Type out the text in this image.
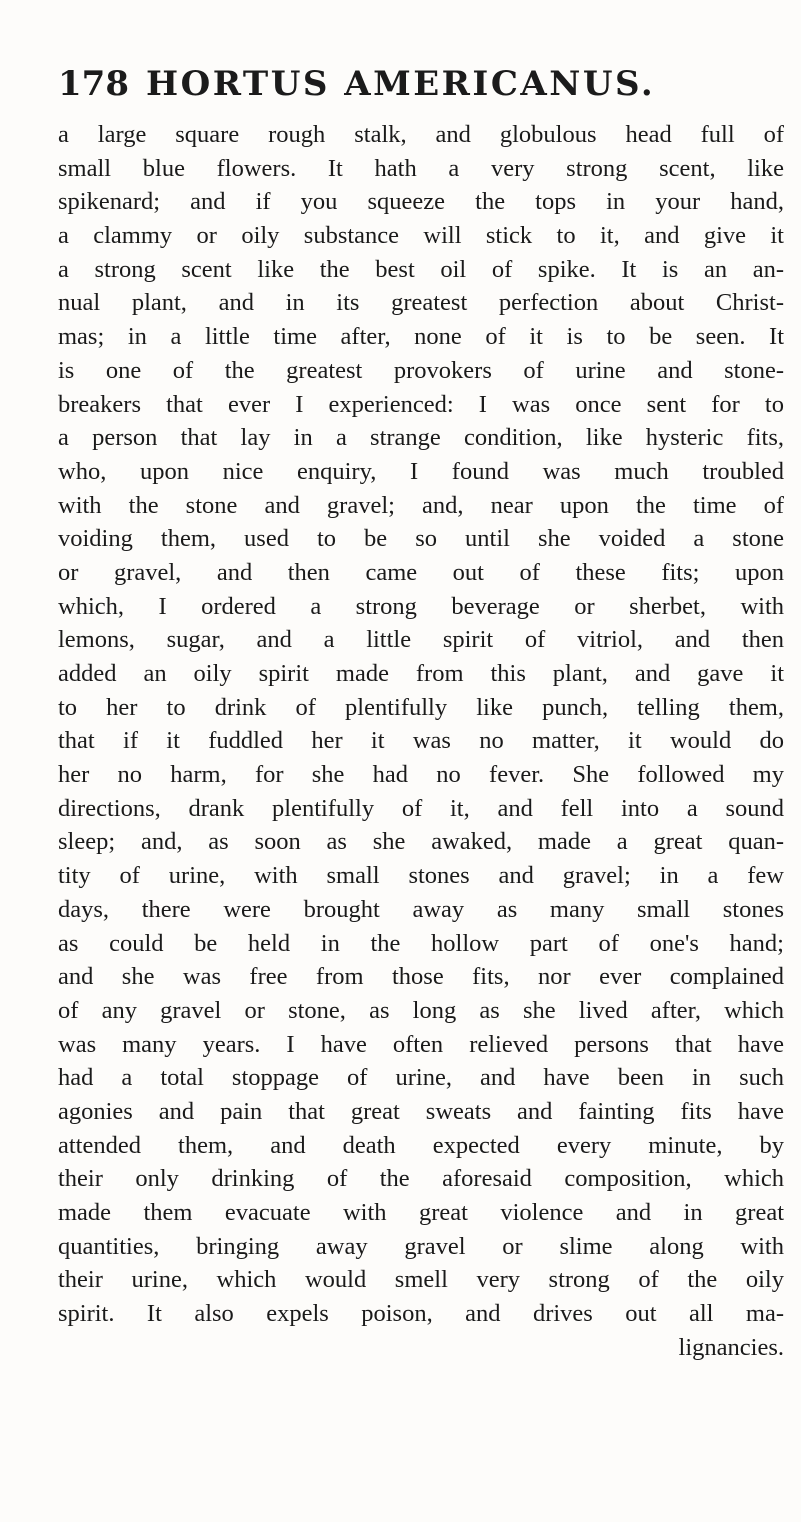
178 HORTUS AMERICANUS.
a large square rough stalk, and globulous head full of
small blue flowers. It hath a very strong scent, like
spikenard; and if you squeeze the tops in your hand,
a clammy or oily substance will stick to it, and give it
a strong scent like the best oil of spike. It is an an-
nual plant, and in its greatest perfection about Christ-
mas; in a little time after, none of it is to be seen. It
is one of the greatest provokers of urine and stone-
breakers that ever I experienced: I was once sent for to
a person that lay in a strange condition, like hysteric fits,
who, upon nice enquiry, I found was much troubled
with the stone and gravel; and, near upon the time of
voiding them, used to be so until she voided a stone
or gravel, and then came out of these fits; upon
which, I ordered a strong beverage or sherbet, with
lemons, sugar, and a little spirit of vitriol, and then
added an oily spirit made from this plant, and gave it
to her to drink of plentifully like punch, telling them,
that if it fuddled her it was no matter, it would do
her no harm, for she had no fever. She followed my
directions, drank plentifully of it, and fell into a sound
sleep; and, as soon as she awaked, made a great quan-
tity of urine, with small stones and gravel; in a few
days, there were brought away as many small stones
as could be held in the hollow part of one's hand;
and she was free from those fits, nor ever complained
of any gravel or stone, as long as she lived after, which
was many years. I have often relieved persons that have
had a total stoppage of urine, and have been in such
agonies and pain that great sweats and fainting fits have
attended them, and death expected every minute, by
their only drinking of the aforesaid composition, which
made them evacuate with great violence and in great
quantities, bringing away gravel or slime along with
their urine, which would smell very strong of the oily
spirit. It also expels poison, and drives out all ma-
lignancies.
